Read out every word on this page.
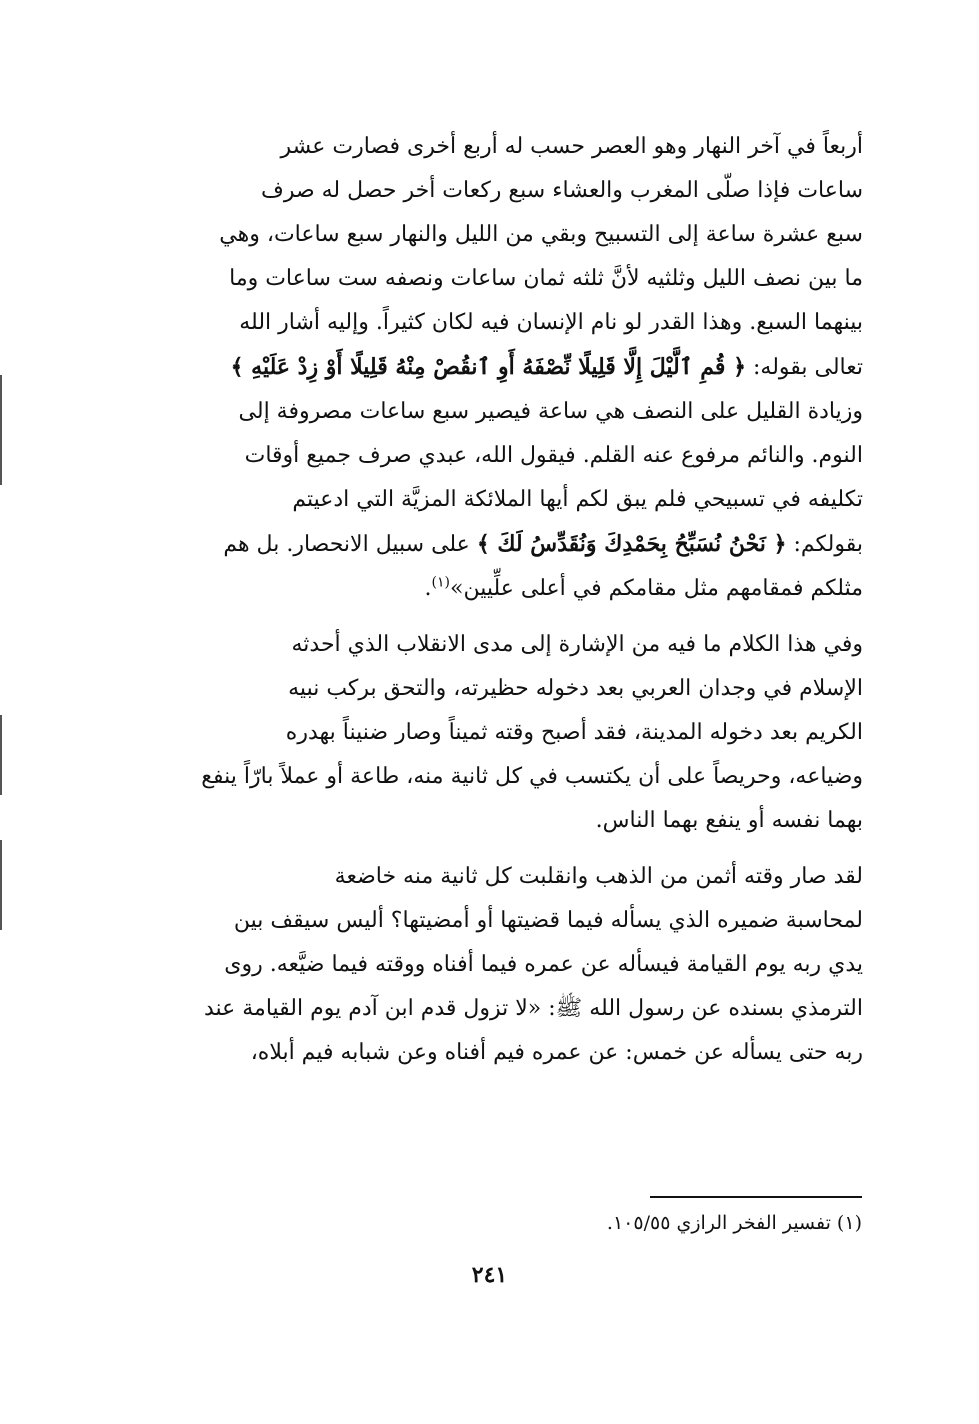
أربعاً في آخر النهار وهو العصر حسب له أربع أخرى فصارت عشر
ساعات فإذا صلّى المغرب والعشاء سبع ركعات أخر حصل له صرف
سبع عشرة ساعة إلى التسبيح وبقي من الليل والنهار سبع ساعات، وهي
ما بين نصف الليل وثلثيه لأنَّ ثلثه ثمان ساعات ونصفه ست ساعات وما
بينهما السبع. وهذا القدر لو نام الإنسان فيه لكان كثيراً. وإليه أشار الله
تعالى بقوله: ﴿ قُمِ ٱلَّيْلَ إِلَّا قَلِيلًا نِّصْفَهُ أَوِ ٱنقُصْ مِنْهُ قَلِيلًا أَوْ زِدْ عَلَيْهِ ﴾
وزيادة القليل على النصف هي ساعة فيصير سبع ساعات مصروفة إلى
النوم. والنائم مرفوع عنه القلم. فيقول الله، عبدي صرف جميع أوقات
تكليفه في تسبيحي فلم يبق لكم أيها الملائكة المزيَّة التي ادعيتم
بقولكم: ﴿ نَحْنُ نُسَبِّحُ بِحَمْدِكَ وَنُقَدِّسُ لَكَ ﴾ على سبيل الانحصار. بل هم
مثلكم فمقامهم مثل مقامكم في أعلى علِّيين»$^{(١)}$.

وفي هذا الكلام ما فيه من الإشارة إلى مدى الانقلاب الذي أحدثه
الإسلام في وجدان العربي بعد دخوله حظيرته، والتحق بركب نبيه
الكريم بعد دخوله المدينة، فقد أصبح وقته ثميناً وصار ضنيناً بهدره
وضياعه، وحريصاً على أن يكتسب في كل ثانية منه، طاعة أو عملاً بارّاً ينفع
بهما نفسه أو ينفع بهما الناس.

لقد صار وقته أثمن من الذهب وانقلبت كل ثانية منه خاضعة
لمحاسبة ضميره الذي يسأله فيما قضيتها أو أمضيتها؟ أليس سيقف بين
يدي ربه يوم القيامة فيسأله عن عمره فيما أفناه ووقته فيما ضيَّعه. روى
الترمذي بسنده عن رسول الله ﷺ: «لا تزول قدم ابن آدم يوم القيامة عند
ربه حتى يسأله عن خمس: عن عمره فيم أفناه وعن شبابه فيم أبلاه،

(١) تفسير الفخر الرازي ١٠٥/٥٥.
٢٤١
